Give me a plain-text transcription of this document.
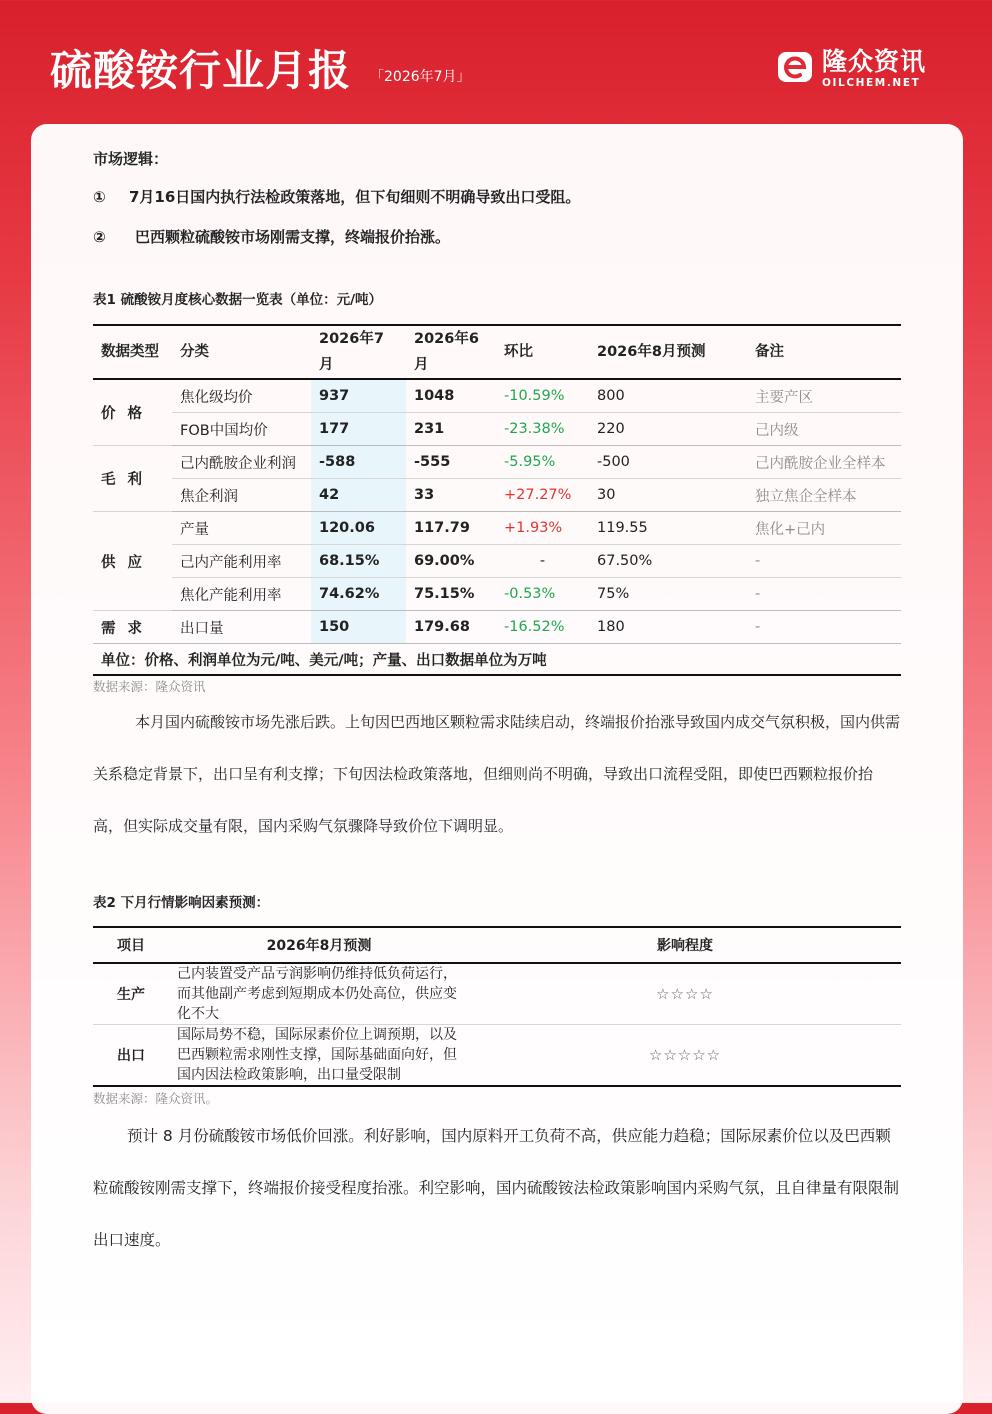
硫酸铵行业月报 「2026年7月」
隆众资讯
OILCHEM.NET
市场逻辑：
① 7月16日国内执行法检政策落地，但下旬细则不明确导致出口受阻。
② 巴西颗粒硫酸铵市场刚需支撑，终端报价抬涨。
表1 硫酸铵月度核心数据一览表（单位：元/吨）
数据类型	分类	2026年7月	2026年6月	环比	2026年8月预测	备注
价格	焦化级均价	937	1048	-10.59%	800	主要产区
	FOB中国均价	177	231	-23.38%	220	己内级
毛利	己内酰胺企业利润	-588	-555	-5.95%	-500	己内酰胺企业全样本
	焦企利润	42	33	+27.27%	30	独立焦企全样本
供应	产量	120.06	117.79	+1.93%	119.55	焦化+己内
	己内产能利用率	68.15%	69.00%	-	67.50%	-
	焦化产能利用率	74.62%	75.15%	-0.53%	75%	-
需求	出口量	150	179.68	-16.52%	180	-
单位：价格、利润单位为元/吨、美元/吨；产量、出口数据单位为万吨						
数据来源：隆众资讯
本月国内硫酸铵市场先涨后跌。上旬因巴西地区颗粒需求陆续启动，终端报价抬涨导致国内成交气氛积极，国内供需关系稳定背景下，出口呈有利支撑；下旬因法检政策落地，但细则尚不明确，导致出口流程受阻，即使巴西颗粒报价抬高，但实际成交量有限，国内采购气氛骤降导致价位下调明显。
表2 下月行情影响因素预测：
项目	2026年8月预测	影响程度
生产	己内装置受产品亏润影响仍维持低负荷运行，而其他副产考虑到短期成本仍处高位，供应变化不大	☆☆☆☆
出口	国际局势不稳，国际尿素价位上调预期，以及巴西颗粒需求刚性支撑，国际基础面向好，但国内因法检政策影响，出口量受限制	☆☆☆☆☆
数据来源：隆众资讯。
预计 8 月份硫酸铵市场低价回涨。利好影响，国内原料开工负荷不高，供应能力趋稳；国际尿素价位以及巴西颗粒硫酸铵刚需支撑下，终端报价接受程度抬涨。利空影响，国内硫酸铵法检政策影响国内采购气氛，且自律量有限限制出口速度。
